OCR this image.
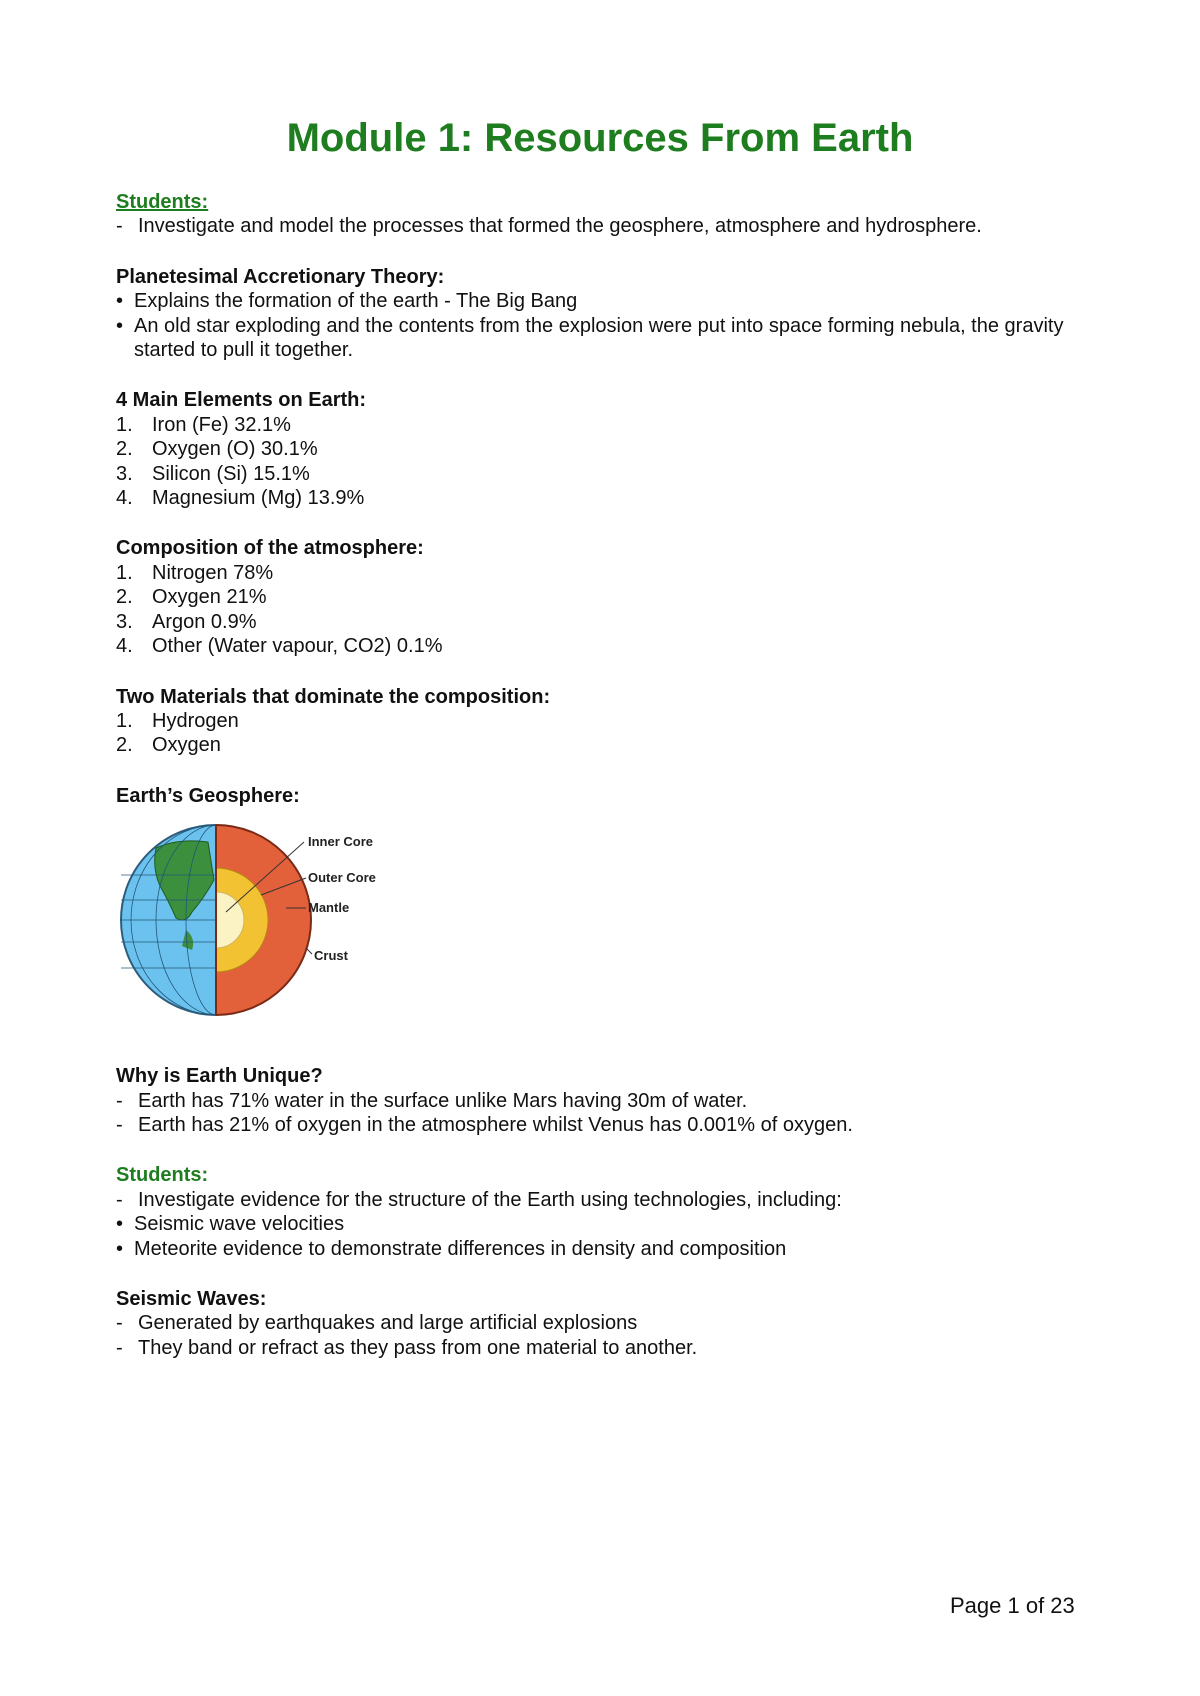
Module 1: Resources From Earth
Students:
- Investigate and model the processes that formed the geosphere, atmosphere and hydrosphere.
Planetesimal Accretionary Theory:
• Explains the formation of the earth - The Big Bang
• An old star exploding and the contents from the explosion were put into space forming nebula, the gravity started to pull it together.
4 Main Elements on Earth:
1. Iron (Fe) 32.1%
2. Oxygen (O) 30.1%
3. Silicon (Si) 15.1%
4. Magnesium (Mg) 13.9%
Composition of the atmosphere:
1. Nitrogen 78%
2. Oxygen 21%
3. Argon 0.9%
4. Other (Water vapour, CO2) 0.1%
Two Materials that dominate the composition:
1. Hydrogen
2. Oxygen
Earth’s Geosphere:
Inner Core
Outer Core
Mantle
Crust
Why is Earth Unique?
- Earth has 71% water in the surface unlike Mars having 30m of water.
- Earth has 21% of oxygen in the atmosphere whilst Venus has 0.001% of oxygen.
Students:
- Investigate evidence for the structure of the Earth using technologies, including:
• Seismic wave velocities
• Meteorite evidence to demonstrate differences in density and composition
Seismic Waves:
- Generated by earthquakes and large artificial explosions
- They band or refract as they pass from one material to another.
Page 1 of 23
